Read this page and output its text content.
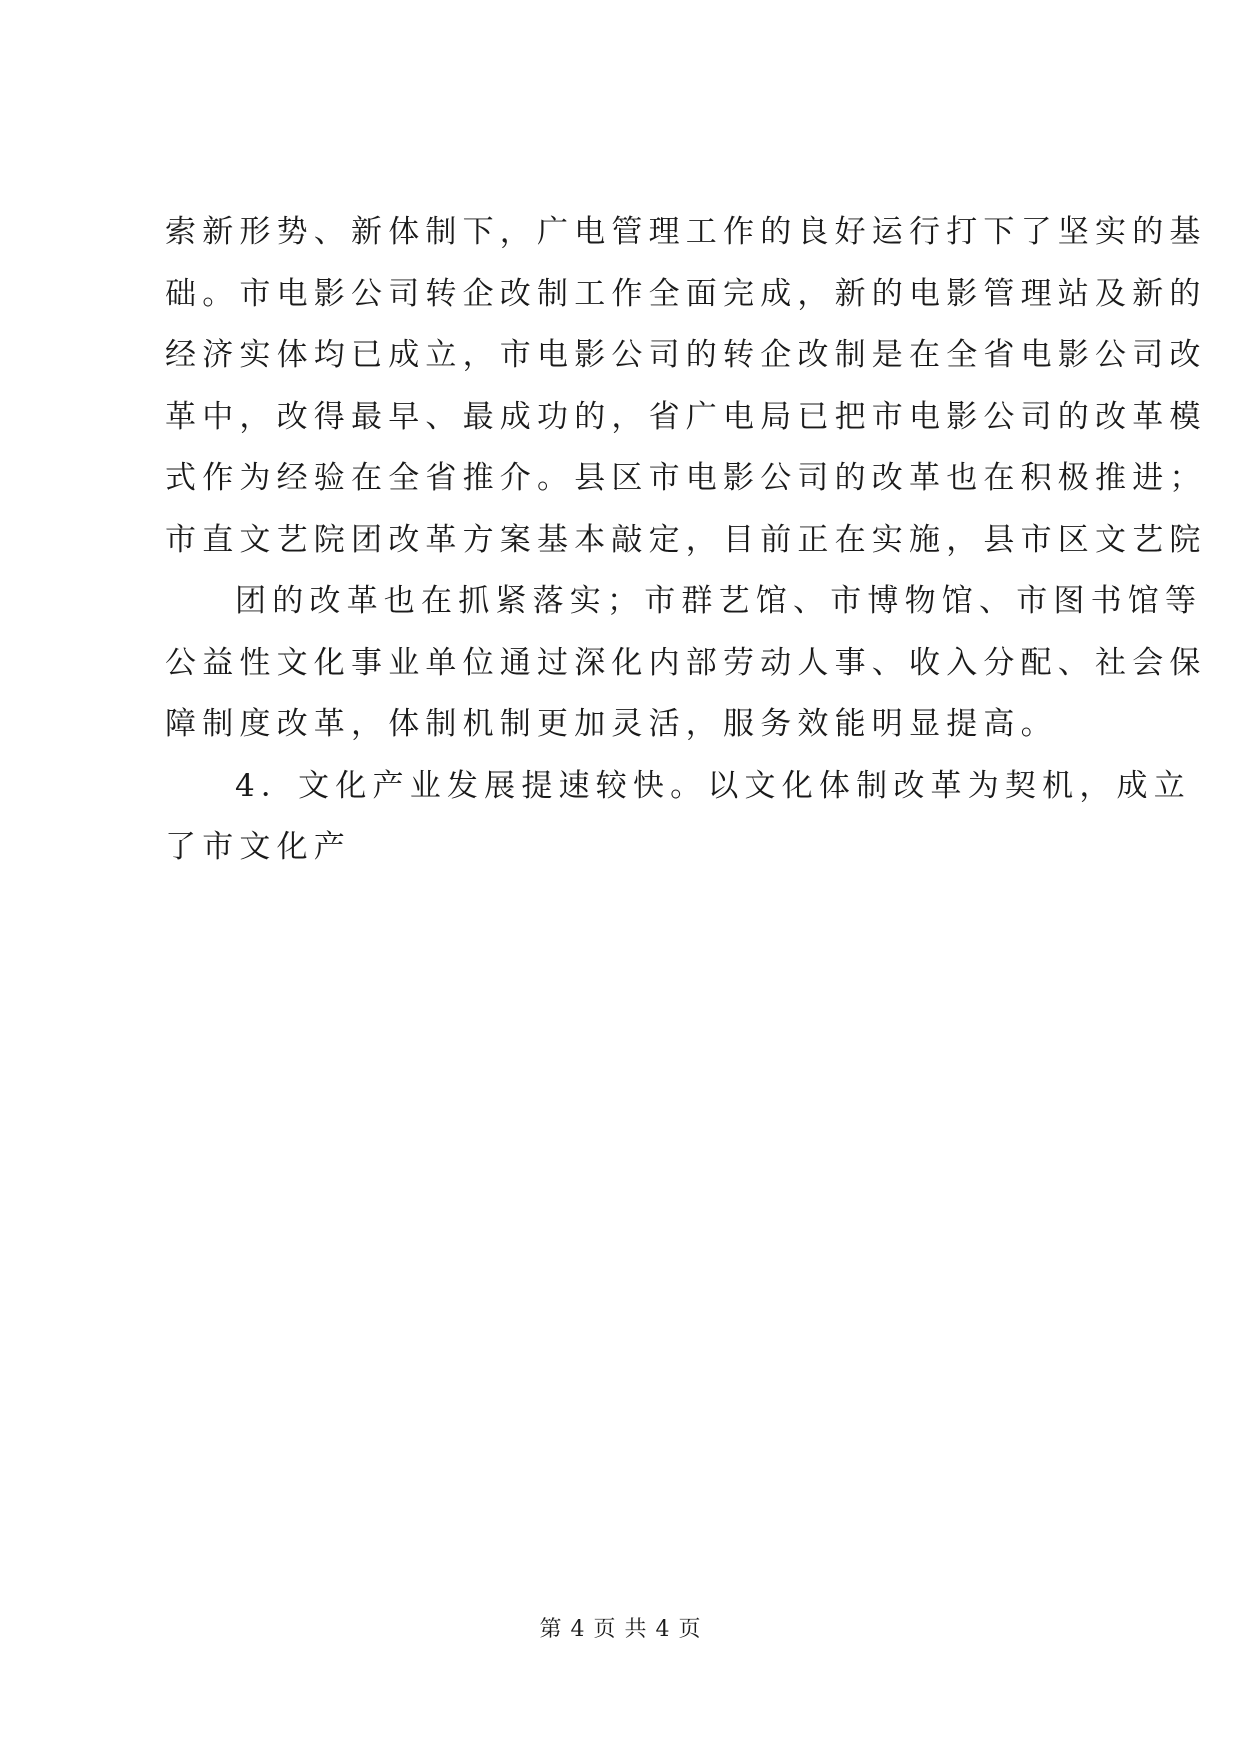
索新形势、新体制下，广电管理工作的良好运行打下了坚实的基
础。市电影公司转企改制工作全面完成，新的电影管理站及新的
经济实体均已成立，市电影公司的转企改制是在全省电影公司改
革中，改得最早、最成功的，省广电局已把市电影公司的改革模
式作为经验在全省推介。县区市电影公司的改革也在积极推进；
市直文艺院团改革方案基本敲定，目前正在实施，县市区文艺院
团的改革也在抓紧落实；市群艺馆、市博物馆、市图书馆等
公益性文化事业单位通过深化内部劳动人事、收入分配、社会保
障制度改革，体制机制更加灵活，服务效能明显提高。
4．文化产业发展提速较快。以文化体制改革为契机，成立
了市文化产
第 4 页 共 4 页
